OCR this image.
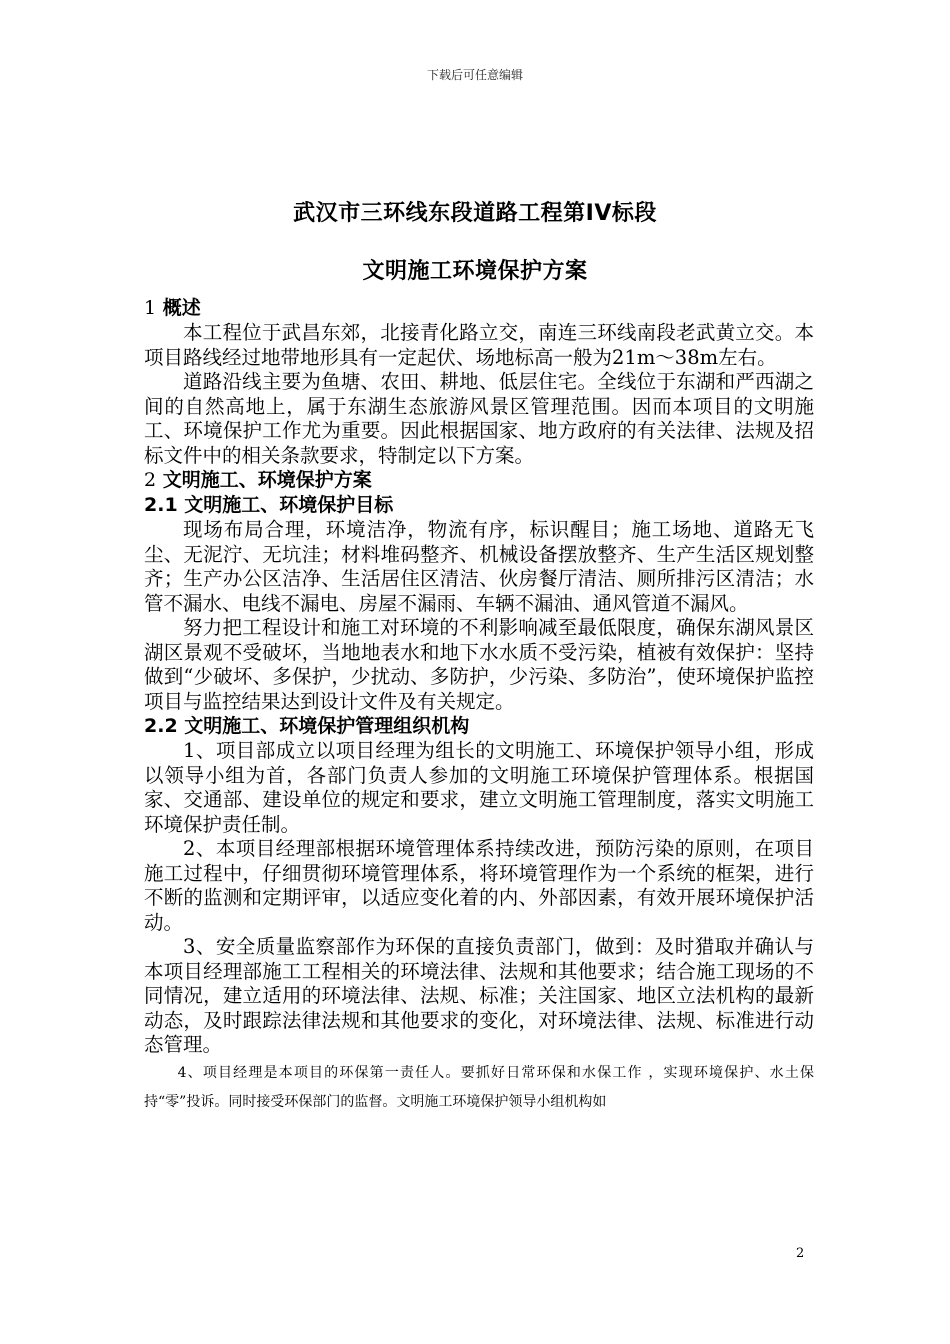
下载后可任意编辑
武汉市三环线东段道路工程第ⅠV标段
文明施工环境保护方案
1 概述

本工程位于武昌东郊，北接青化路立交，南连三环线南段老武黄立交。本项目路线经过地带地形具有一定起伏、场地标高一般为21m～38m左右。

道路沿线主要为鱼塘、农田、耕地、低层住宅。全线位于东湖和严西湖之间的自然高地上，属于东湖生态旅游风景区管理范围。因而本项目的文明施工、环境保护工作尤为重要。因此根据国家、地方政府的有关法律、法规及招标文件中的相关条款要求，特制定以下方案。

2 文明施工、环境保护方案
2.1 文明施工、环境保护目标

现场布局合理，环境洁净，物流有序，标识醒目；施工场地、道路无飞尘、无泥泞、无坑洼；材料堆码整齐、机械设备摆放整齐、生产生活区规划整齐；生产办公区洁净、生活居住区清洁、伙房餐厅清洁、厕所排污区清洁；水管不漏水、电线不漏电、房屋不漏雨、车辆不漏油、通风管道不漏风。

努力把工程设计和施工对环境的不利影响减至最低限度，确保东湖风景区湖区景观不受破坏，当地地表水和地下水水质不受污染，植被有效保护：坚持做到“少破坏、多保护，少扰动、多防护，少污染、多防治”，使环境保护监控项目与监控结果达到设计文件及有关规定。

2.2 文明施工、环境保护管理组织机构

1、项目部成立以项目经理为组长的文明施工、环境保护领导小组，形成以领导小组为首，各部门负责人参加的文明施工环境保护管理体系。根据国家、交通部、建设单位的规定和要求，建立文明施工管理制度，落实文明施工环境保护责任制。

2、本项目经理部根据环境管理体系持续改进，预防污染的原则，在项目施工过程中，仔细贯彻环境管理体系，将环境管理作为一个系统的框架，进行不断的监测和定期评审，以适应变化着的内、外部因素，有效开展环境保护活动。

3、安全质量监察部作为环保的直接负责部门，做到：及时猎取并确认与本项目经理部施工工程相关的环境法律、法规和其他要求；结合施工现场的不同情况，建立适用的环境法律、法规、标准；关注国家、地区立法机构的最新动态，及时跟踪法律法规和其他要求的变化，对环境法律、法规、标准进行动态管理。

4、项目经理是本项目的环保第一责任人。要抓好日常环保和水保工作 ，实现环境保护、水土保持“零”投诉。同时接受环保部门的监督。文明施工环境保护领导小组机构如

2
